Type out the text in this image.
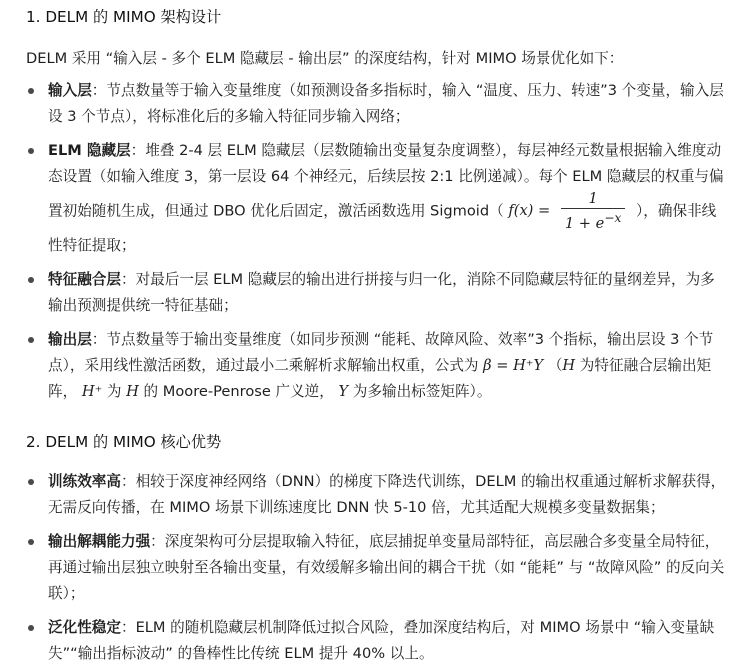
1. DELM 的 MIMO 架构设计
DELM 采用 “输入层 - 多个 ELM 隐藏层 - 输出层” 的深度结构，针对 MIMO 场景优化如下：
输入层：节点数量等于输入变量维度（如预测设备多指标时，输入 “温度、压力、转速”3 个变量，输入层设 3 个节点），将标准化后的多输入特征同步输入网络；
ELM 隐藏层：堆叠 2-4 层 ELM 隐藏层（层数随输出变量复杂度调整），每层神经元数量根据输入维度动态设置（如输入维度 3，第一层设 64 个神经元，后续层按 2:1 比例递减）。每个 ELM 隐藏层的权重与偏置初始随机生成，但通过 DBO 优化后固定，激活函数选用 Sigmoid（ $f(x) = \frac{1}{1 + e^{-x}}$ ），确保非线性特征提取；
特征融合层：对最后一层 ELM 隐藏层的输出进行拼接与归一化，消除不同隐藏层特征的量纲差异，为多输出预测提供统一特征基础；
输出层：节点数量等于输出变量维度（如同步预测 “能耗、故障风险、效率”3 个指标，输出层设 3 个节点），采用线性激活函数，通过最小二乘解析求解输出权重，公式为 β = H⁺Y （H 为特征融合层输出矩阵， H⁺ 为 H 的 Moore-Penrose 广义逆， Y 为多输出标签矩阵）。
2. DELM 的 MIMO 核心优势
训练效率高：相较于深度神经网络（DNN）的梯度下降迭代训练，DELM 的输出权重通过解析求解获得，无需反向传播，在 MIMO 场景下训练速度比 DNN 快 5-10 倍，尤其适配大规模多变量数据集；
输出解耦能力强：深度架构可分层提取输入特征，底层捕捉单变量局部特征，高层融合多变量全局特征，再通过输出层独立映射至各输出变量，有效缓解多输出间的耦合干扰（如 “能耗” 与 “故障风险” 的反向关联）；
泛化性稳定：ELM 的随机隐藏层机制降低过拟合风险，叠加深度结构后，对 MIMO 场景中 “输入变量缺失”“输出指标波动” 的鲁棒性比传统 ELM 提升 40% 以上。
